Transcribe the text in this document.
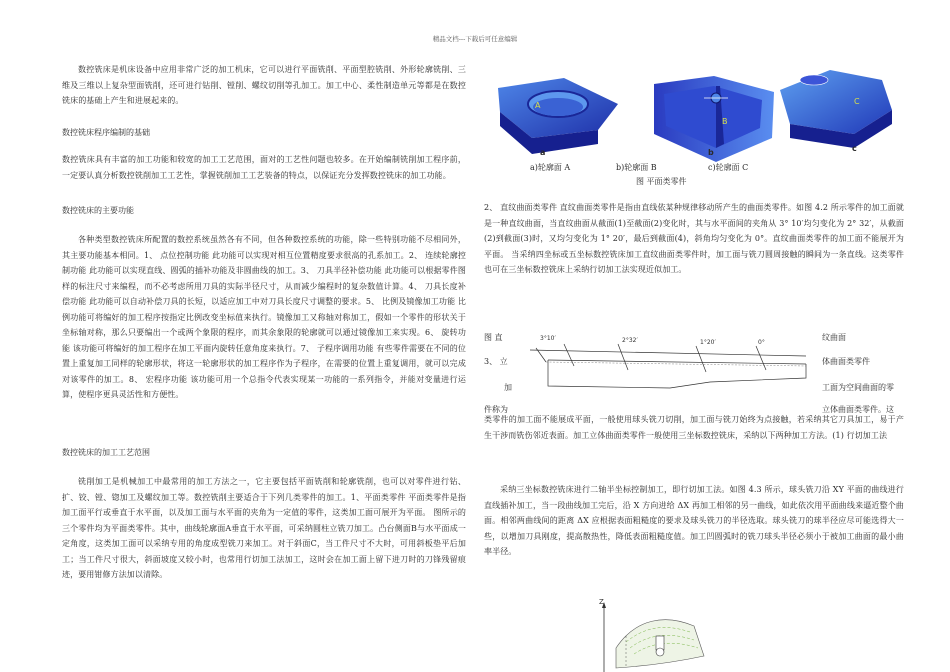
精品文档---下载后可任意编辑

数控铣床是机床设备中应用非常广泛的加工机床，它可以进行平面铣削、平面型腔铣削、外形轮廓铣削、三维及三维以上复杂型面铣削，还可进行钻削、镗削、螺纹切削等孔加工。加工中心、柔性制造单元等都是在数控铣床的基础上产生和进展起来的。

数控铣床程序编制的基础

数控铣床具有丰富的加工功能和较宽的加工工艺范围，面对的工艺性问题也较多。在开始编制铣削加工程序前，一定要认真分析数控铣削加工工艺性，掌握铣削加工工艺装备的特点，以保证充分发挥数控铣床的加工功能。

数控铣床的主要功能

各种类型数控铣床所配置的数控系统虽然各有不同，但各种数控系统的功能，除一些特别功能不尽相同外，其主要功能基本相同。1、 点位控制功能 此功能可以实现对相互位置精度要求很高的孔系加工。2、 连续轮廓控制功能 此功能可以实现直线、圆弧的插补功能及非圆曲线的加工。3、 刀具半径补偿功能 此功能可以根据零件图样的标注尺寸来编程，而不必考虑所用刀具的实际半径尺寸，从而减少编程时的复杂数值计算。4、 刀具长度补偿功能 此功能可以自动补偿刀具的长短，以适应加工中对刀具长度尺寸调整的要求。5、 比例及镜像加工功能 比例功能可将编好的加工程序按指定比例改变坐标值来执行。镜像加工又称轴对称加工，假如一个零件的形状关于坐标轴对称，那么只要编出一个或两个象限的程序，而其余象限的轮廓就可以通过镜像加工来实现。6、 旋转功能 该功能可将编好的加工程序在加工平面内旋转任意角度来执行。7、 子程序调用功能 有些零件需要在不同的位置上重复加工同样的轮廓形状，将这一轮廓形状的加工程序作为子程序，在需要的位置上重复调用，就可以完成对该零件的加工。8、 宏程序功能 该功能可用一个总指令代表实现某一功能的一系列指令，并能对变量进行运算，使程序更具灵活性和方便性。

数控铣床的加工工艺范围

铣削加工是机械加工中最常用的加工方法之一，它主要包括平面铣削和轮廓铣削，也可以对零件进行钻、扩、铰、镗、锪加工及螺纹加工等。数控铣削主要适合于下列几类零件的加工。1、平面类零件 平面类零件是指加工面平行或垂直于水平面，以及加工面与水平面的夹角为一定值的零件，这类加工面可展开为平面。 图所示的三个零件均为平面类零件。其中，曲线轮廓面A垂直于水平面，可采纳圆柱立铣刀加工。凸台侧面B与水平面成一定角度，这类加工面可以采纳专用的角度成型铣刀来加工。对于斜面C，当工件尺寸不大时，可用斜板垫平后加工；当工件尺寸很大，斜面坡度又较小时，也常用行切加工法加工，这时会在加工面上留下进刀时的刀锋残留痕迹，要用钳修方法加以清除。

A
B
C
a	b	c
a)轮廓面 A	b)轮廓面 B	c)轮廓面 C
图 平面类零件

2、 直纹曲面类零件 直纹曲面类零件是指由直线依某种规律移动所产生的曲面类零件。如图 4.2 所示零件的加工面就是一种直纹曲面，当直纹曲面从截面(1)至截面(2)变化时，其与水平面间的夹角从 3° 10′均匀变化为 2° 32′，从截面(2)到截面(3)时，又均匀变化为 1° 20′，最后到截面(4)，斜角均匀变化为 0°。直纹曲面类零件的加工面不能展开为平面。 当采纳四坐标或五坐标数控铣床加工直纹曲面类零件时，加工面与铣刀圆周接触的瞬间为一条直线。这类零件也可在三坐标数控铣床上采纳行切加工法实现近似加工。

图 直
3、 立
加
纹曲面
体曲面类零件
工面为空间曲面的零
3°10′	2°32′	1°20′	0°
件称为	立体曲面类零件。这

类零件的加工面不能展成平面，一般使用球头铣刀切削，加工面与铣刀始终为点接触，若采纳其它刀具加工，易于产生干涉而铣伤邻近表面。加工立体曲面类零件一般使用三坐标数控铣床，采纳以下两种加工方法。(1) 行切加工法

采纳三坐标数控铣床进行二轴半坐标控制加工，即行切加工法。如图 4.3 所示，球头铣刀沿 XY 平面的曲线进行直线插补加工，当一段曲线加工完后，沿 X 方向进给 ΔX 再加工相邻的另一曲线，如此依次用平面曲线来逼近整个曲面。相邻两曲线间的距离 ΔX 应根据表面粗糙度的要求及球头铣刀的半径选取。球头铣刀的球半径应尽可能选得大一些，以增加刀具刚度，提高散热性，降低表面粗糙度值。加工凹圆弧时的铣刀球头半径必须小于被加工曲面的最小曲率半径。

Z
